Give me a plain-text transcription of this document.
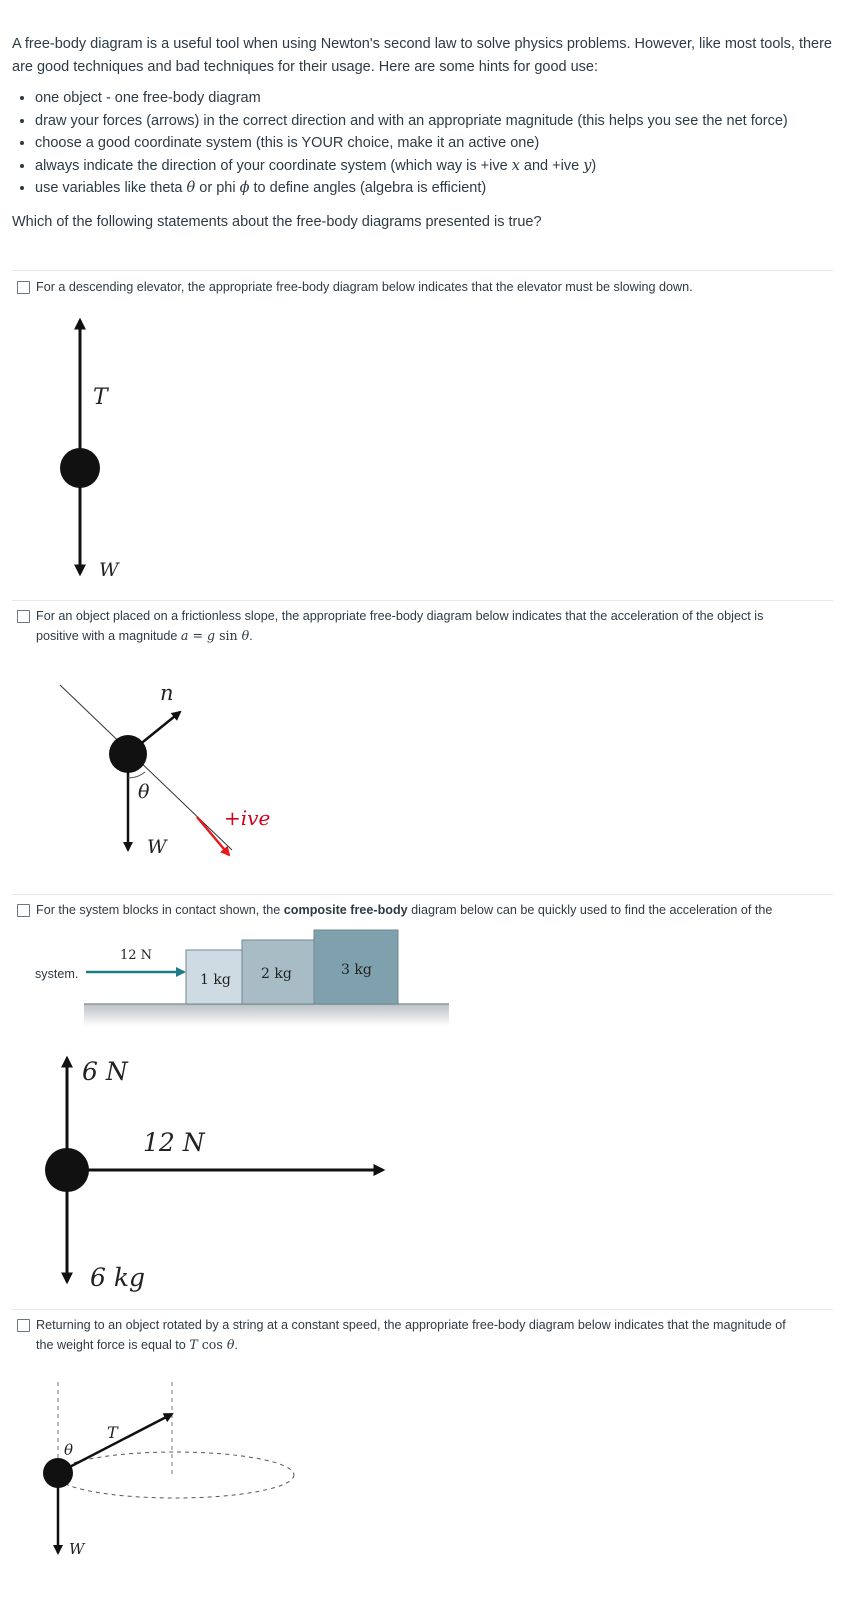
A free-body diagram is a useful tool when using Newton's second law to solve physics problems. However, like most tools, there are good techniques and bad techniques for their usage. Here are some hints for good use:

• one object - one free-body diagram
• draw your forces (arrows) in the correct direction and with an appropriate magnitude (this helps you see the net force)
• choose a good coordinate system (this is YOUR choice, make it an active one)
• always indicate the direction of your coordinate system (which way is +ive x and +ive y)
• use variables like theta θ or phi ϕ to define angles (algebra is efficient)
Which of the following statements about the free-body diagrams presented is true?
For a descending elevator, the appropriate free-body diagram below indicates that the elevator must be slowing down.
T
W
For an object placed on a frictionless slope, the appropriate free-body diagram below indicates that the acceleration of the object is
positive with a magnitude a = g sin θ.
n
θ
W
+ive
For the system blocks in contact shown, the composite free-body diagram below can be quickly used to find the acceleration of the
system.
12 N
1 kg 2 kg	3 kg
6 N
12 N
6 kg
Returning to an object rotated by a string at a constant speed, the appropriate free-body diagram below indicates that the magnitude of
the weight force is equal to T cos θ.
T
θ
W
